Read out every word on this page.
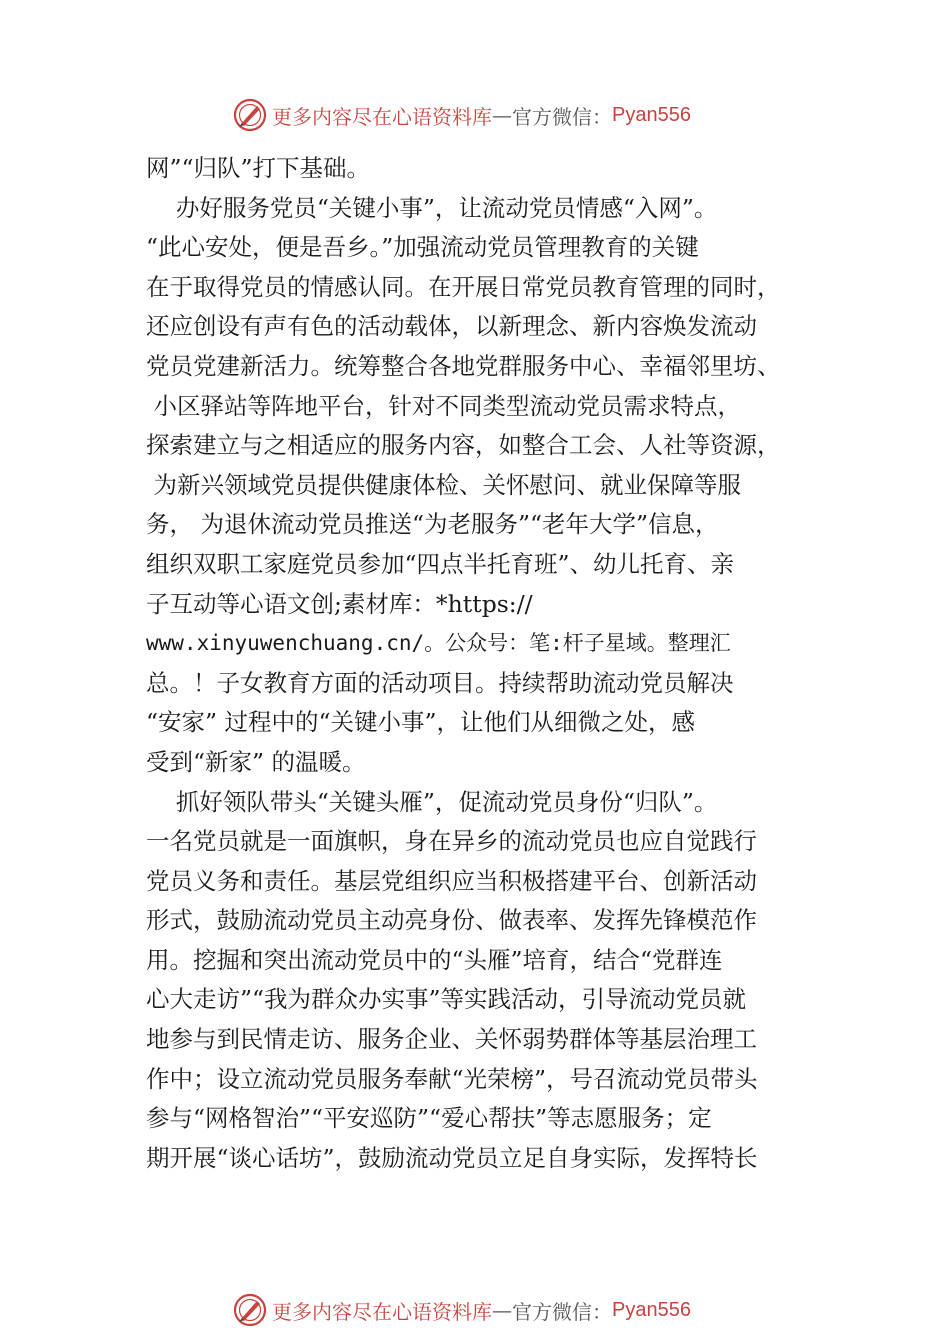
更多内容尽在心语资料库 — 官方微信： Pyan556
网”“归队”打下基础。
办好服务党员“关键小事”，让流动党员情感“入网”。
“此心安处，便是吾乡。”加强流动党员管理教育的关键
在于取得党员的情感认同。在开展日常党员教育管理的同时，
还应创设有声有色的活动载体，以新理念、新内容焕发流动
党员党建新活力。统筹整合各地党群服务中心、幸福邻里坊、
小区驿站等阵地平台，针对不同类型流动党员需求特点，
探索建立与之相适应的服务内容，如整合工会、人社等资源，
为新兴领域党员提供健康体检、关怀慰问、就业保障等服
务， 为退休流动党员推送“为老服务”“老年大学”信息，
组织双职工家庭党员参加“四点半托育班”、幼儿托育、亲
子互动等心语文创;素材库：*https://
www.xinyuwenchuang.cn/。公众号：笔:杆子星域。整理汇
总。！子女教育方面的活动项目。持续帮助流动党员解决
“安家” 过程中的“关键小事”，让他们从细微之处，感
受到“新家” 的温暖。
抓好领队带头“关键头雁”，促流动党员身份“归队”。
一名党员就是一面旗帜，身在异乡的流动党员也应自觉践行
党员义务和责任。基层党组织应当积极搭建平台、创新活动
形式，鼓励流动党员主动亮身份、做表率、发挥先锋模范作
用。挖掘和突出流动党员中的“头雁”培育，结合“党群连
心大走访”“我为群众办实事”等实践活动，引导流动党员就
地参与到民情走访、服务企业、关怀弱势群体等基层治理工
作中；设立流动党员服务奉献“光荣榜”，号召流动党员带头
参与“网格智治”“平安巡防”“爱心帮扶”等志愿服务；定
期开展“谈心话坊”，鼓励流动党员立足自身实际，发挥特长
更多内容尽在心语资料库 — 官方微信： Pyan556
